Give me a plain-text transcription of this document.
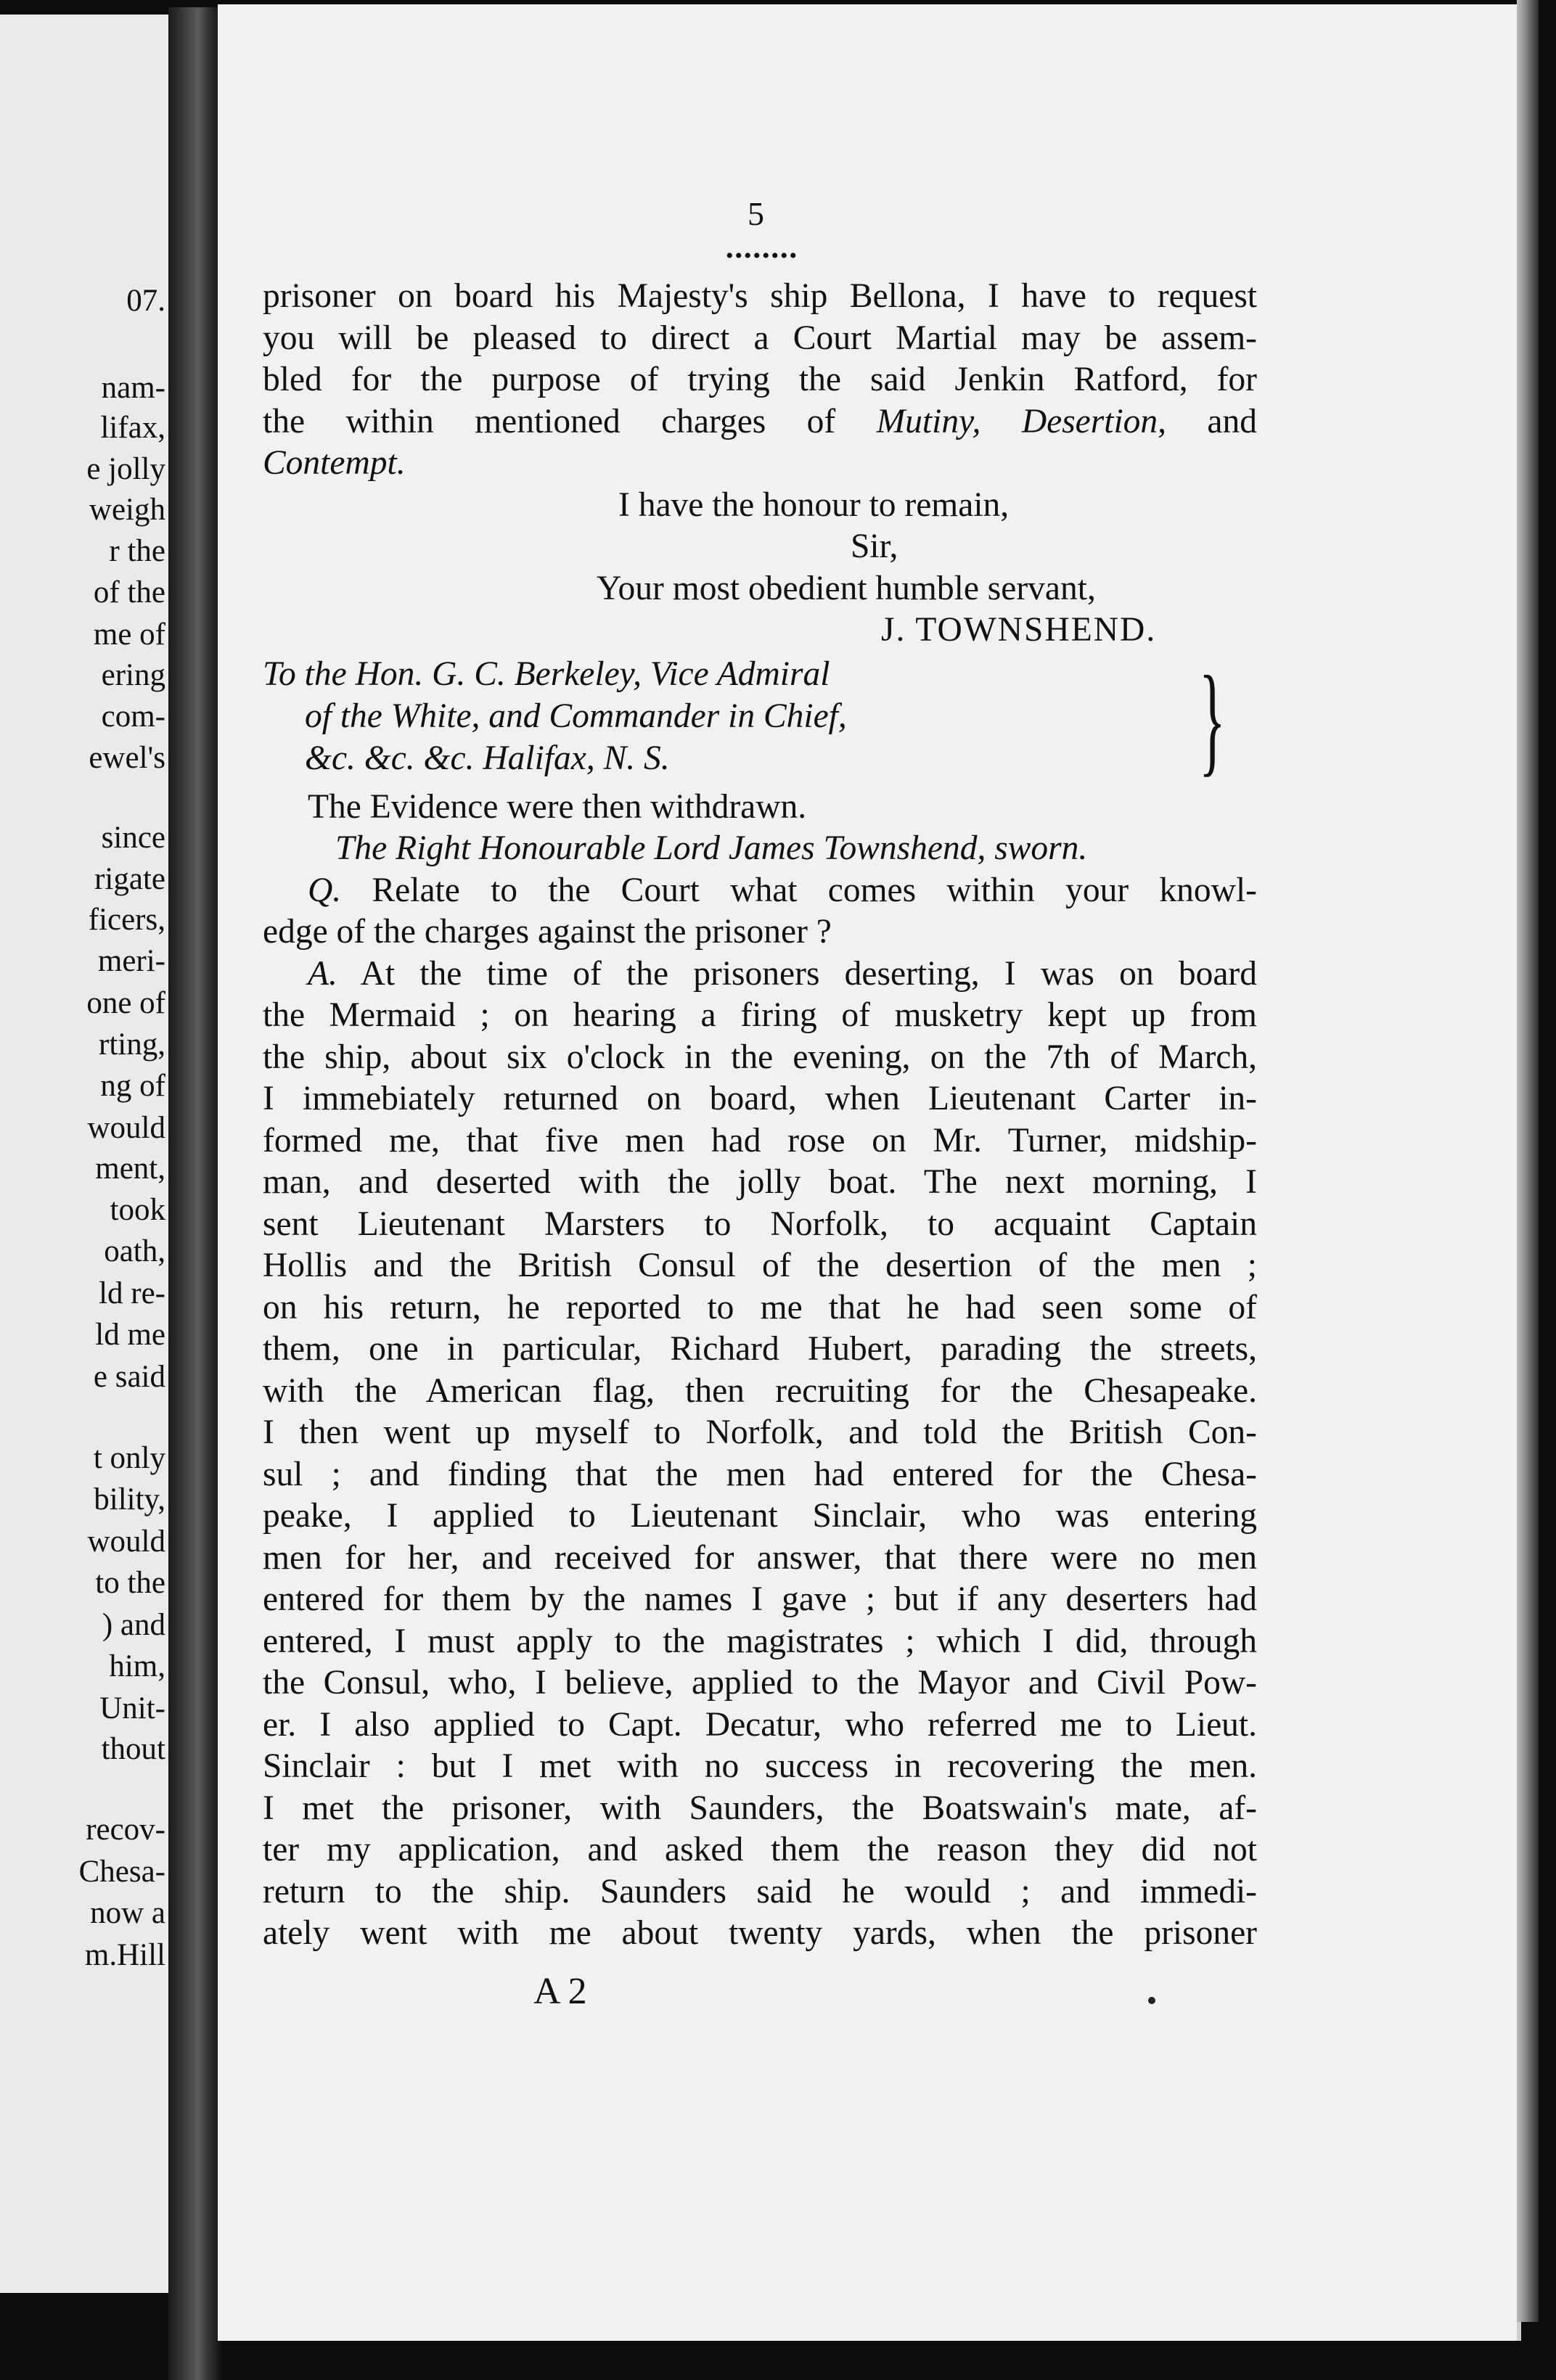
07.
nam-
lifax,
e jolly
weigh
r the
of the
me of
ering
com-
ewel's
since
rigate
ficers,
meri-
one of
rting,
ng of
would
ment,
took
oath,
ld re-
ld me
e said
t only
bility,
would
to the
) and
him,
Unit-
thout
recov-
Chesa-
now a
m.Hill
5
••••••••
prisoner on board his Majesty's ship Bellona, I have to request
you will be pleased to direct a Court Martial may be assem-
bled for the purpose of trying the said Jenkin Ratford, for
the within mentioned charges of Mutiny, Desertion, and
Contempt.
I have the honour to remain,
Sir,
Your most obedient humble servant,
J. TOWNSHEND.
To the Hon. G. C. Berkeley, Vice Admiral
of the White, and Commander in Chief,
&c. &c. &c. Halifax, N. S.	}
The Evidence were then withdrawn.
The Right Honourable Lord James Townshend, sworn.
Q. Relate to the Court what comes within your knowl-
edge of the charges against the prisoner ?
A. At the time of the prisoners deserting, I was on board
the Mermaid ; on hearing a firing of musketry kept up from
the ship, about six o'clock in the evening, on the 7th of March,
I immebiately returned on board, when Lieutenant Carter in-
formed me, that five men had rose on Mr. Turner, midship-
man, and deserted with the jolly boat. The next morning, I
sent Lieutenant Marsters to Norfolk, to acquaint Captain
Hollis and the British Consul of the desertion of the men ;
on his return, he reported to me that he had seen some of
them, one in particular, Richard Hubert, parading the streets,
with the American flag, then recruiting for the Chesapeake.
I then went up myself to Norfolk, and told the British Con-
sul ; and finding that the men had entered for the Chesa-
peake, I applied to Lieutenant Sinclair, who was entering
men for her, and received for answer, that there were no men
entered for them by the names I gave ; but if any deserters had
entered, I must apply to the magistrates ; which I did, through
the Consul, who, I believe, applied to the Mayor and Civil Pow-
er. I also applied to Capt. Decatur, who referred me to Lieut.
Sinclair : but I met with no success in recovering the men.
I met the prisoner, with Saunders, the Boatswain's mate, af-
ter my application, and asked them the reason they did not
return to the ship. Saunders said he would ; and immedi-
ately went with me about twenty yards, when the prisoner
A 2
